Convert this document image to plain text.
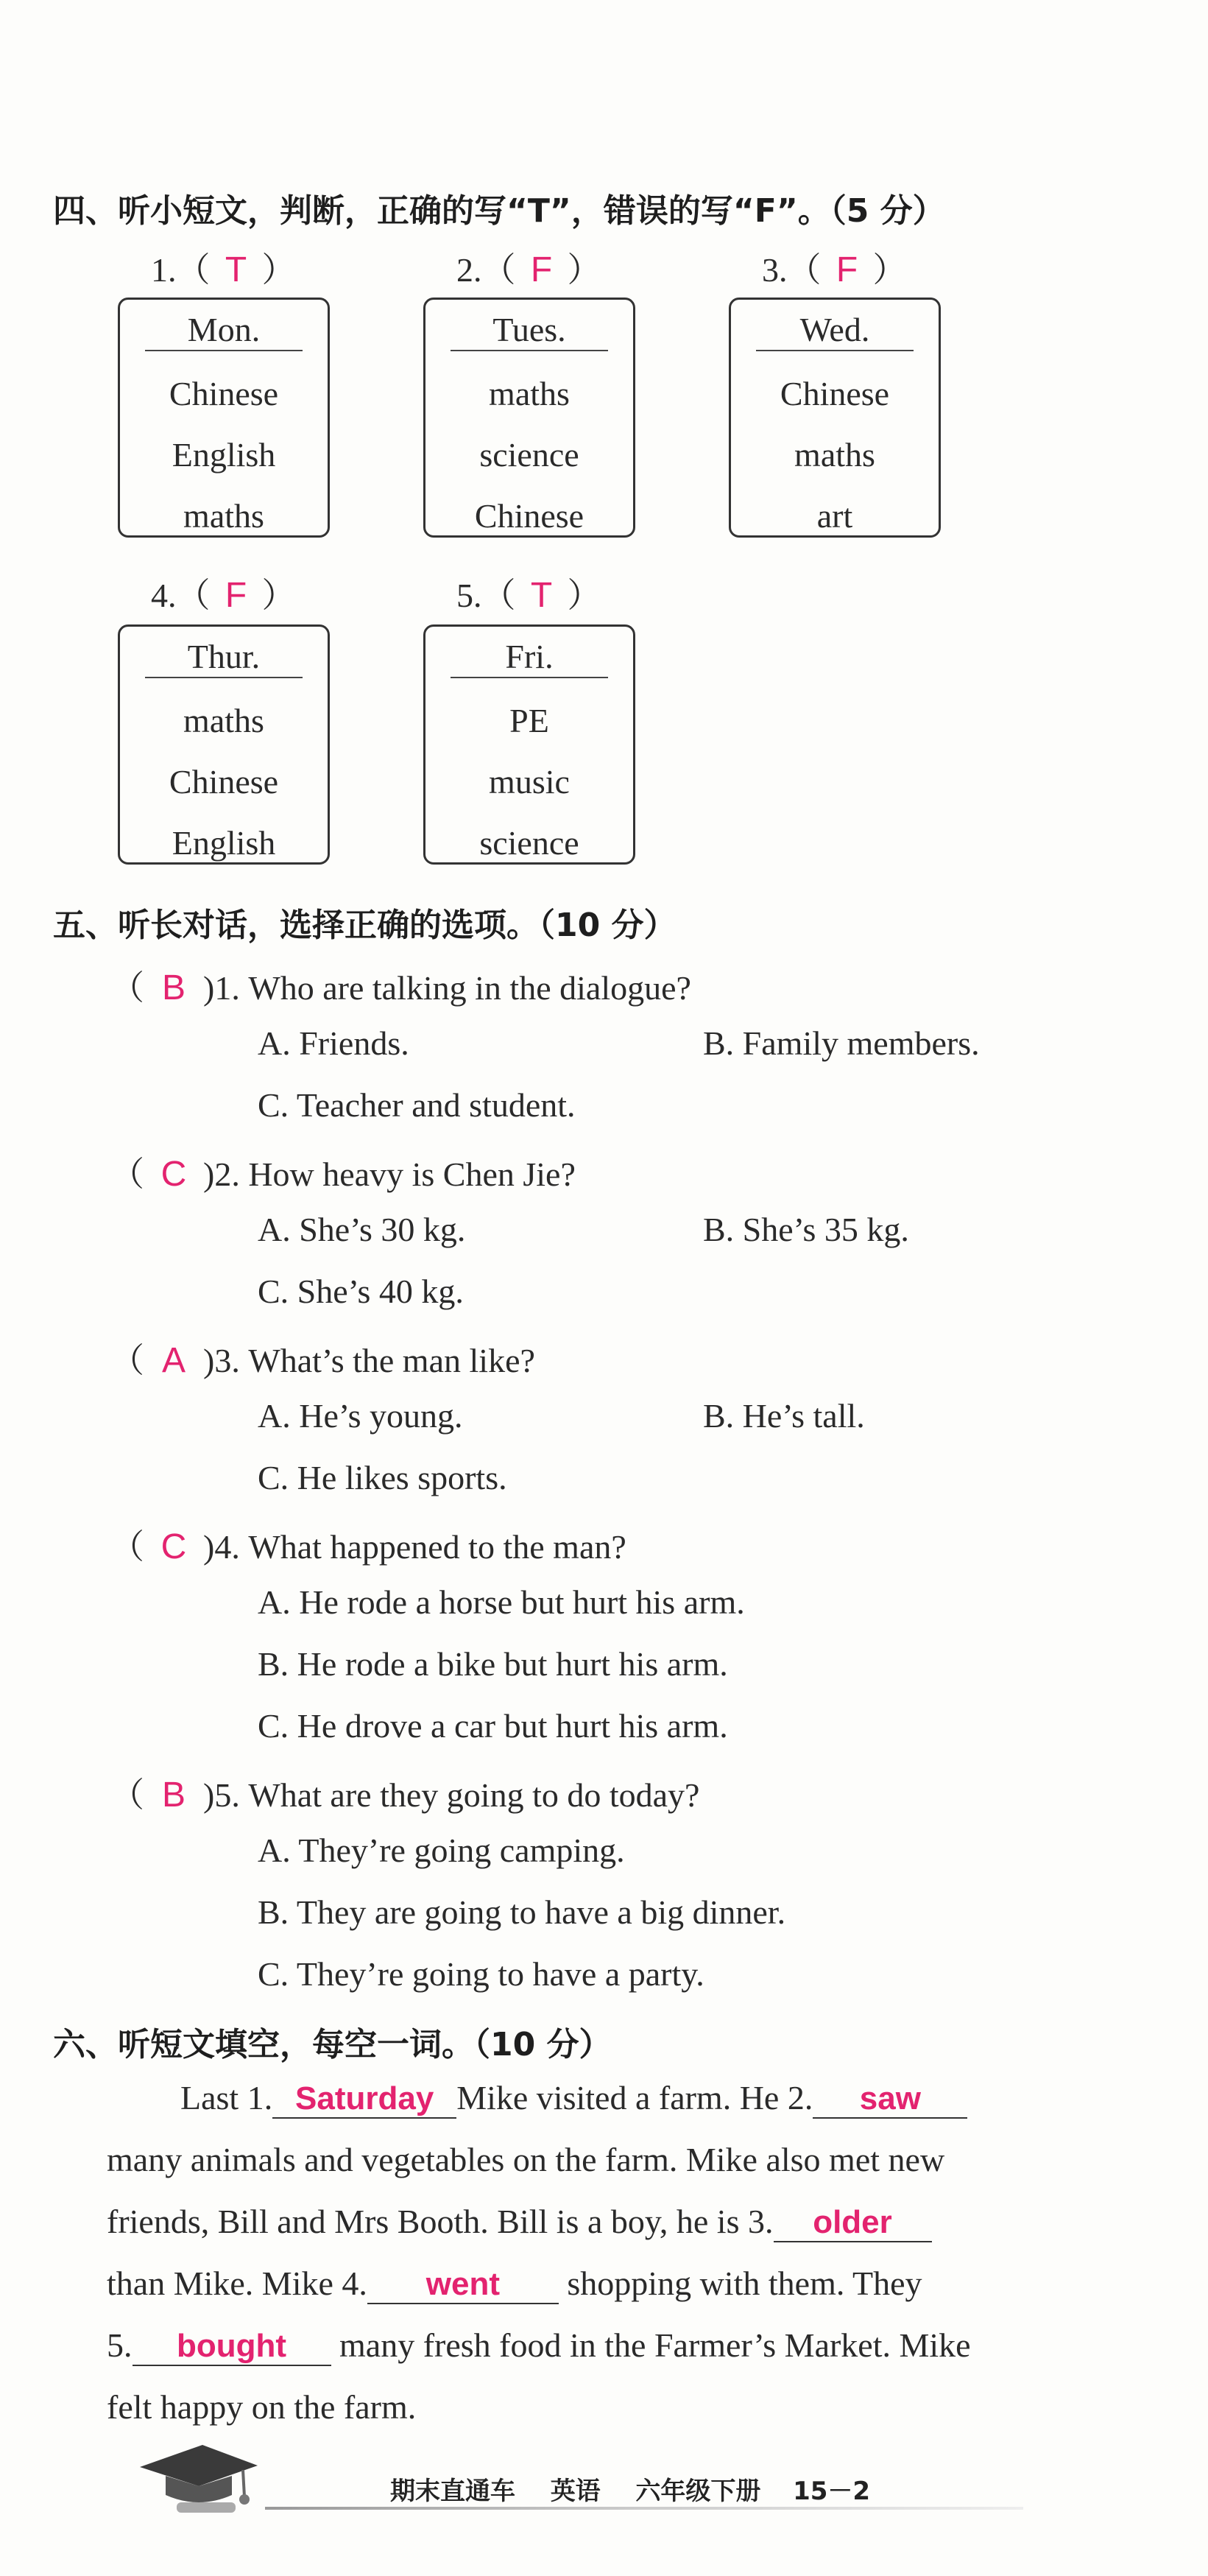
四、听小短文，判断，正确的写“T”，错误的写“F”。（5 分）
1.（ T ）	2.（ F ）	3.（ F ）
Mon.
Chinese
English
maths
Tues.
maths
science
Chinese
Wed.
Chinese
maths
art
4.（ F ）	5.（ T ）
Thur.
maths
Chinese
English
Fri.
PE
music
science
五、听长对话，选择正确的选项。（10 分）
（ B )1. Who are talking in the dialogue?
A. Friends.	B. Family members.
C. Teacher and student.
（ C )2. How heavy is Chen Jie?
A. She’s 30 kg.	B. She’s 35 kg.
C. She’s 40 kg.
（ A )3. What’s the man like?
A. He’s young.	B. He’s tall.
C. He likes sports.
（ C )4. What happened to the man?
A. He rode a horse but hurt his arm.
B. He rode a bike but hurt his arm.
C. He drove a car but hurt his arm.
（ B )5. What are they going to do today?
A. They’re going camping.
B. They are going to have a big dinner.
C. They’re going to have a party.
六、听短文填空，每空一词。（10 分）
Last 1. Saturday Mike visited a farm. He 2. saw
many animals and vegetables on the farm. Mike also met new
friends, Bill and Mrs Booth. Bill is a boy, he is 3. older
than Mike. Mike 4. went shopping with them. They
5. bought many fresh food in the Farmer’s Market. Mike
felt happy on the farm.
期末直通车 英语 六年级下册 15－2
